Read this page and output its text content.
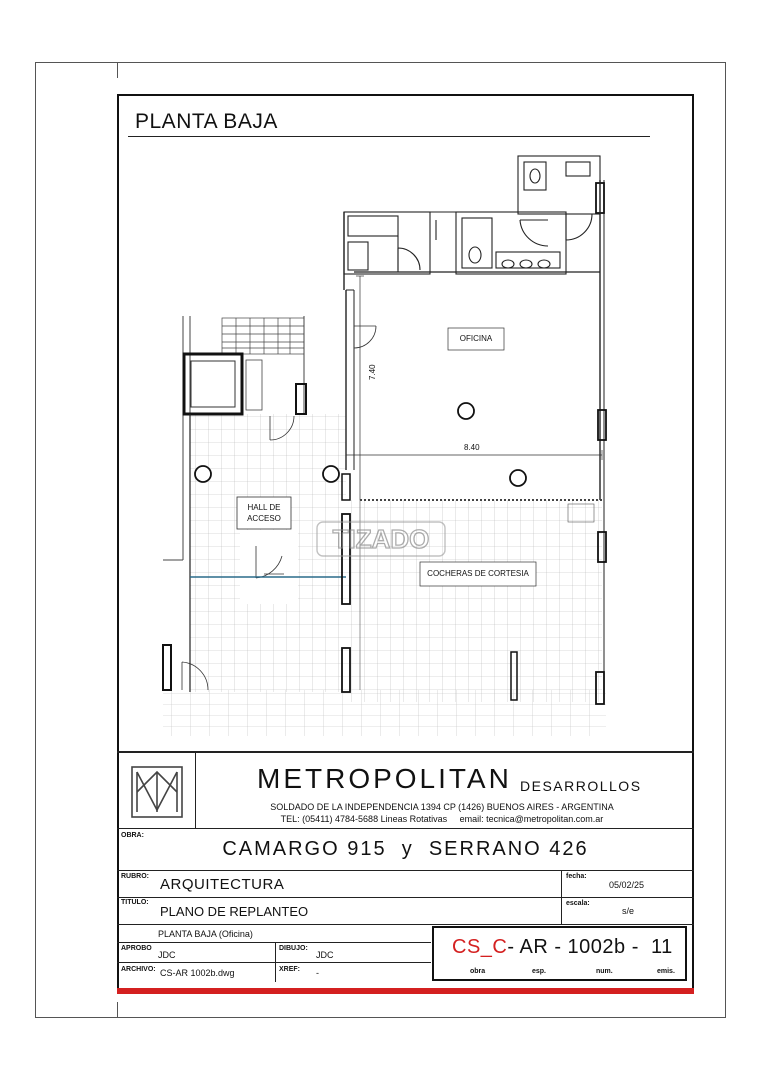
PLANTA BAJA
OFICINA
HALL DE
ACCESO
COCHERAS DE CORTESIA
7.40
8.40
TIZADO
METROPOLITAN DESARROLLOS
SOLDADO DE LA INDEPENDENCIA 1394 CP (1426) BUENOS AIRES - ARGENTINA
TEL: (05411) 4784-5688 Lineas Rotativas     email: tecnica@metropolitan.com.ar
OBRA:
CAMARGO 915  y  SERRANO 426
RUBRO: ARQUITECTURA	fecha:
05/02/25
TITULO:
PLANO DE REPLANTEO
escala:
s/e
PLANTA BAJA (Oficina)
APROBO
JDC
DIBUJO:
JDC
ARCHIVO: CS-AR 1002b.dwg	XREF: -
CS_C- AR - 1002b -  11
obra	esp.	num.	emis.
